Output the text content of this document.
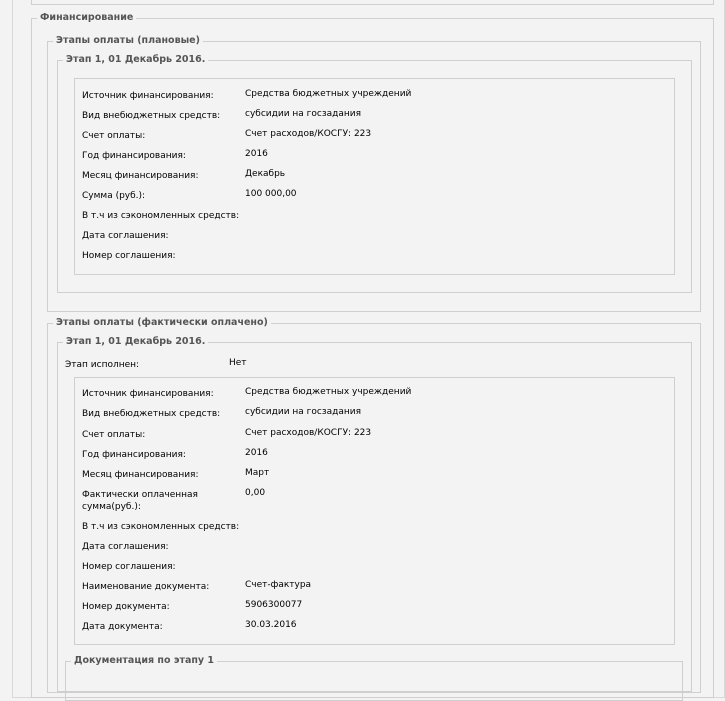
Финансирование
Этапы оплаты (плановые)
Этап 1, 01 Декабрь 2016.
Источник финансирования:	Средства бюджетных учреждений
Вид внебюджетных средств:	субсидии на госзадания
Счет оплаты:	Счет расходов/КОСГУ: 223
Год финансирования:	2016
Месяц финансирования:	Декабрь
Сумма (руб.):	100 000,00
В т.ч из сэкономленных средств:
Дата соглашения:
Номер соглашения:
Этапы оплаты (фактически оплачено)
Этап 1, 01 Декабрь 2016.
Этап исполнен:	Нет
Источник финансирования:	Средства бюджетных учреждений
Вид внебюджетных средств:	субсидии на госзадания
Счет оплаты:	Счет расходов/КОСГУ: 223
Год финансирования:	2016
Месяц финансирования:	Март
Фактически оплаченная сумма(руб.):
0,00
В т.ч из сэкономленных средств:
Дата соглашения:
Номер соглашения:
Наименование документа:	Счет-фактура
Номер документа:	5906300077
Дата документа:	30.03.2016
Документация по этапу 1
